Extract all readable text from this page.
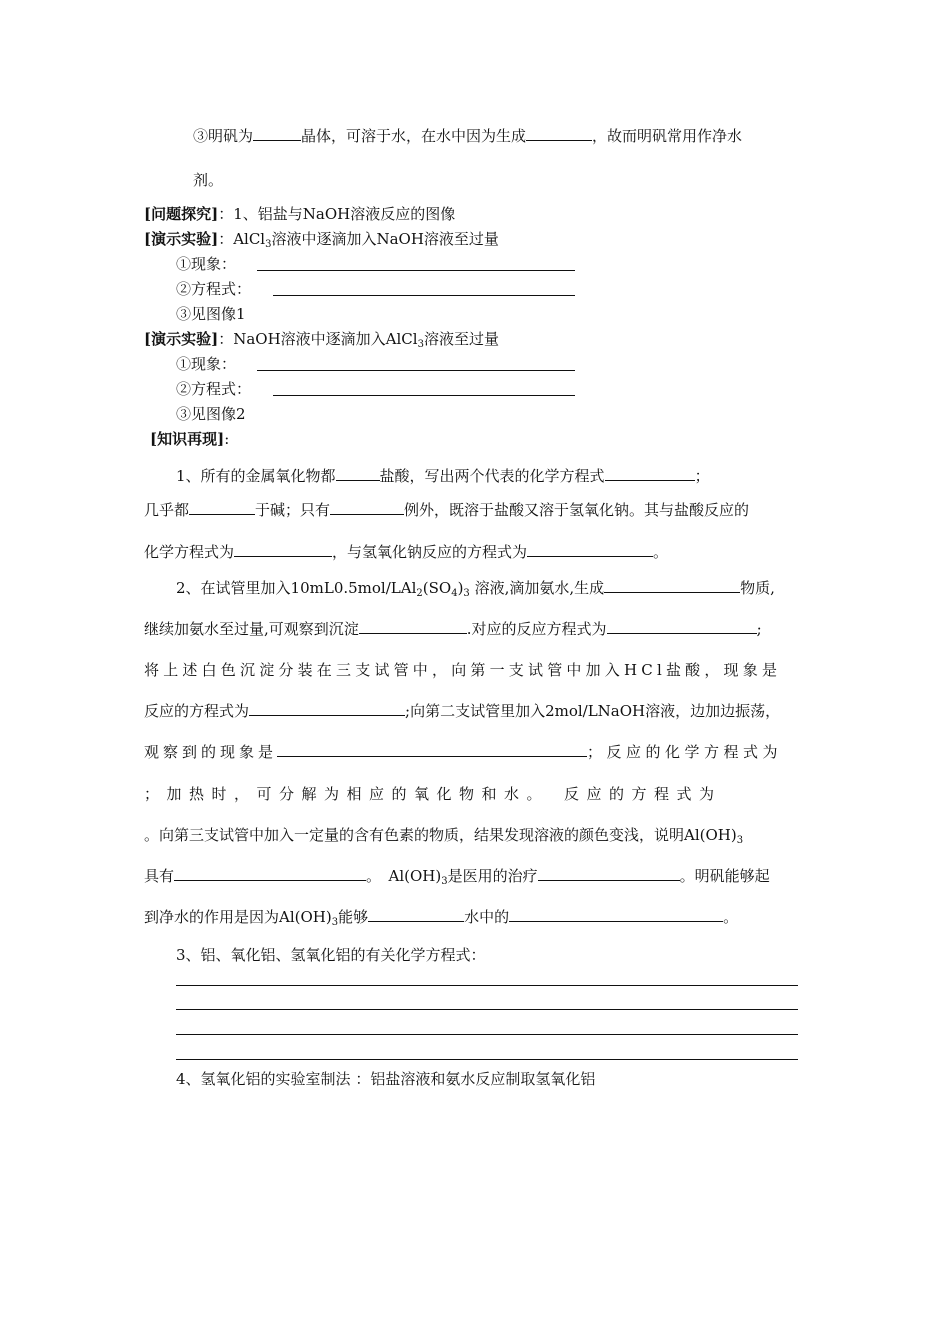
③明矾为	晶体，可溶于水，在水中因为生成	，故而明矾常用作净水
剂。
[问题探究]：1、铝盐与NaOH溶液反应的图像
[演示实验]：AlCl$_3$溶液中逐滴加入NaOH溶液至过量
①现象：
②方程式：
③见图像1
[演示实验]：NaOH溶液中逐滴加入AlCl$_3$溶液至过量
①现象：
②方程式：
③见图像2
[知识再现]:
1、所有的金属氧化物都	盐酸，写出两个代表的化学方程式	；
几乎都	于碱；只有	例外，既溶于盐酸又溶于氢氧化钠。其与盐酸反应的
化学方程式为	，与氢氧化钠反应的方程式为	。
2、在试管里加入$10mL0.5mol/LAl_2(SO_4)_3$ 溶液,滴加氨水,生成	物质,
继续加氨水至过量,可观察到沉淀	.对应的反应方程式为	;
将上述白色沉淀分装在三支试管中，向第一支试管中加入HCl盐酸，现象是
反应的方程式为	;向第二支试管里加入2mol/LNaOH溶液，边加边振荡，
观察到的现象是	；反应的化学方程式为
；加热时，可分解为相应的氧化物和水。　反应的方程式为
。向第三支试管中加入一定量的含有色素的物质，结果发现溶液的颜色变浅，说明$Al(OH)_3$
具有	。　$Al(OH)_3$是医用的治疗	。明矾能够起
到净水的作用是因为$Al(OH)_3$能够	水中的	。
3、铝、氧化铝、氢氧化铝的有关化学方程式：
4、氢氧化铝的实验室制法 ：铝盐溶液和氨水反应制取氢氧化铝
